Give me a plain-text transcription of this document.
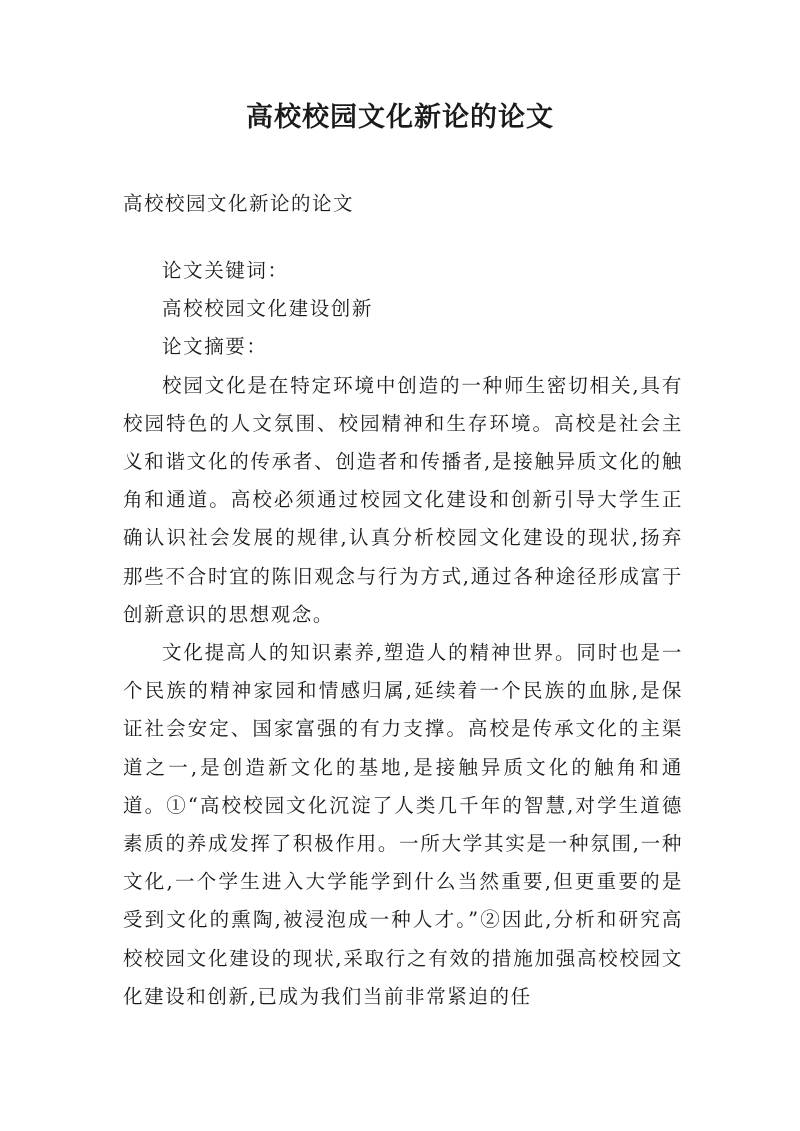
高校校园文化新论的论文

高校校园文化新论的论文

论文关键词：

高校校园文化建设创新

论文摘要：

校园文化是在特定环境中创造的一种师生密切相关,具有校园特色的人文氛围、校园精神和生存环境。高校是社会主义和谐文化的传承者、创造者和传播者,是接触异质文化的触角和通道。高校必须通过校园文化建设和创新引导大学生正确认识社会发展的规律,认真分析校园文化建设的现状,扬弃那些不合时宜的陈旧观念与行为方式,通过各种途径形成富于创新意识的思想观念。

文化提高人的知识素养,塑造人的精神世界。同时也是一个民族的精神家园和情感归属,延续着一个民族的血脉,是保证社会安定、国家富强的有力支撑。高校是传承文化的主渠道之一,是创造新文化的基地,是接触异质文化的触角和通道。①“高校校园文化沉淀了人类几千年的智慧,对学生道德素质的养成发挥了积极作用。一所大学其实是一种氛围,一种文化,一个学生进入大学能学到什么当然重要,但更重要的是受到文化的熏陶,被浸泡成一种人才。”②因此,分析和研究高校校园文化建设的现状,采取行之有效的措施加强高校校园文化建设和创新,已成为我们当前非常紧迫的任
